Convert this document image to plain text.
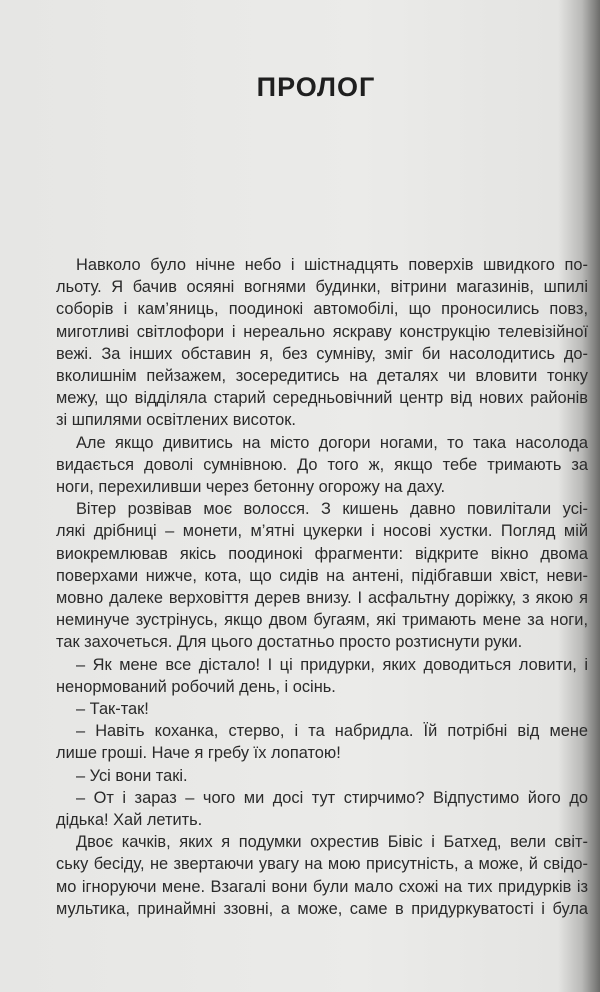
ПРОЛОГ
Навколо було нічне небо і шістнадцять поверхів швидкого по-
льоту. Я бачив осяяні вогнями будинки, вітрини магазинів, шпилі
соборів і кам’яниць, поодинокі автомобілі, що проносились повз,
миготливі світлофори і нереально яскраву конструкцію телевізійної
вежі. За інших обставин я, без сумніву, зміг би насолодитись до-
вколишнім пейзажем, зосередитись на деталях чи вловити тонку
межу, що відділяла старий середньовічний центр від нових районів
зі шпилями освітлених висоток.
Але якщо дивитись на місто догори ногами, то така насолода
видається доволі сумнівною. До того ж, якщо тебе тримають за
ноги, перехиливши через бетонну огорожу на даху.
Вітер розвівав моє волосся. З кишень давно повилітали усі-
лякі дрібниці – монети, м’ятні цукерки і носові хустки. Погляд мій
виокремлював якісь поодинокі фрагменти: відкрите вікно двома
поверхами нижче, кота, що сидів на антені, підібгавши хвіст, неви-
мовно далеке верховіття дерев внизу. І асфальтну доріжку, з якою я
неминуче зустрінусь, якщо двом бугаям, які тримають мене за ноги,
так захочеться. Для цього достатньо просто розтиснути руки.
– Як мене все дістало! І ці придурки, яких доводиться ловити, і
ненормований робочий день, і осінь.
– Так-так!
– Навіть коханка, стерво, і та набридла. Їй потрібні від мене
лише гроші. Наче я гребу їх лопатою!
– Усі вони такі.
– От і зараз – чого ми досі тут стирчимо? Відпустимо його до
дідька! Хай летить.
Двоє качків, яких я подумки охрестив Бівіс і Батхед, вели світ-
ську бесіду, не звертаючи увагу на мою присутність, а може, й свідо-
мо ігноруючи мене. Взагалі вони були мало схожі на тих придурків із
мультика, принаймні ззовні, а може, саме в придуркуватості і була
